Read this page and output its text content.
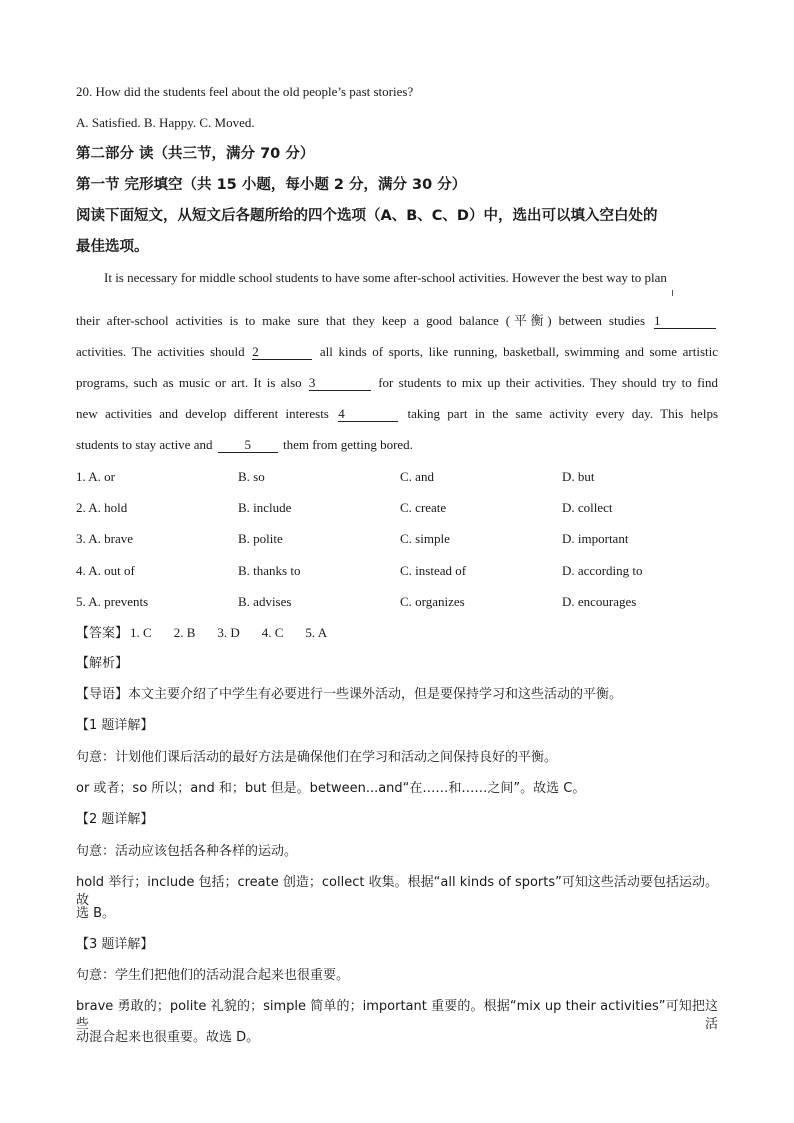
20. How did the students feel about the old people’s past stories?
A. Satisfied. B. Happy. C. Moved.
第二部分 读（共三节，满分 70 分）
第一节 完形填空（共 15 小题，每小题 2 分，满分 30 分）
阅读下面短文，从短文后各题所给的四个选项（A、B、C、D）中，选出可以填入空白处的
最佳选项。
It is necessary for middle school students to have some after-school activities. However the best way to plan
their after-school activities is to make sure that they keep a good balance (平衡) between studies 1
activities. The activities should 2	all kinds of sports, like running, basketball, swimming and some artistic
programs, such as music or art. It is also 3	for students to mix up their activities. They should try to find
new activities and develop different interests 4	taking part in the same activity every day. This helps
students to stay active and 5 them from getting bored.
1. A. or	B. so	C. and	D. but
2. A. hold	B. include	C. create	D. collect
3. A. brave	B. polite	C. simple	D. important
4. A. out of	B. thanks to	C. instead of	D. according to
5. A. prevents	B. advises	C. organizes	D. encourages
【答案】 1. C 2. B 3. D 4. C 5. A
【解析】
【导语】本文主要介绍了中学生有必要进行一些课外活动，但是要保持学习和这些活动的平衡。
【1 题详解】
句意：计划他们课后活动的最好方法是确保他们在学习和活动之间保持良好的平衡。
or 或者；so 所以；and 和；but 但是。between...and“在……和……之间”。故选 C。
【2 题详解】
句意：活动应该包括各种各样的运动。
hold 举行；include 包括；create 创造；collect 收集。根据“all kinds of sports”可知这些活动要包括运动。故
选 B。
【3 题详解】
句意：学生们把他们的活动混合起来也很重要。
brave 勇敢的；polite 礼貌的；simple 简单的；important 重要的。根据“mix up their activities”可知把这些活
动混合起来也很重要。故选 D。
